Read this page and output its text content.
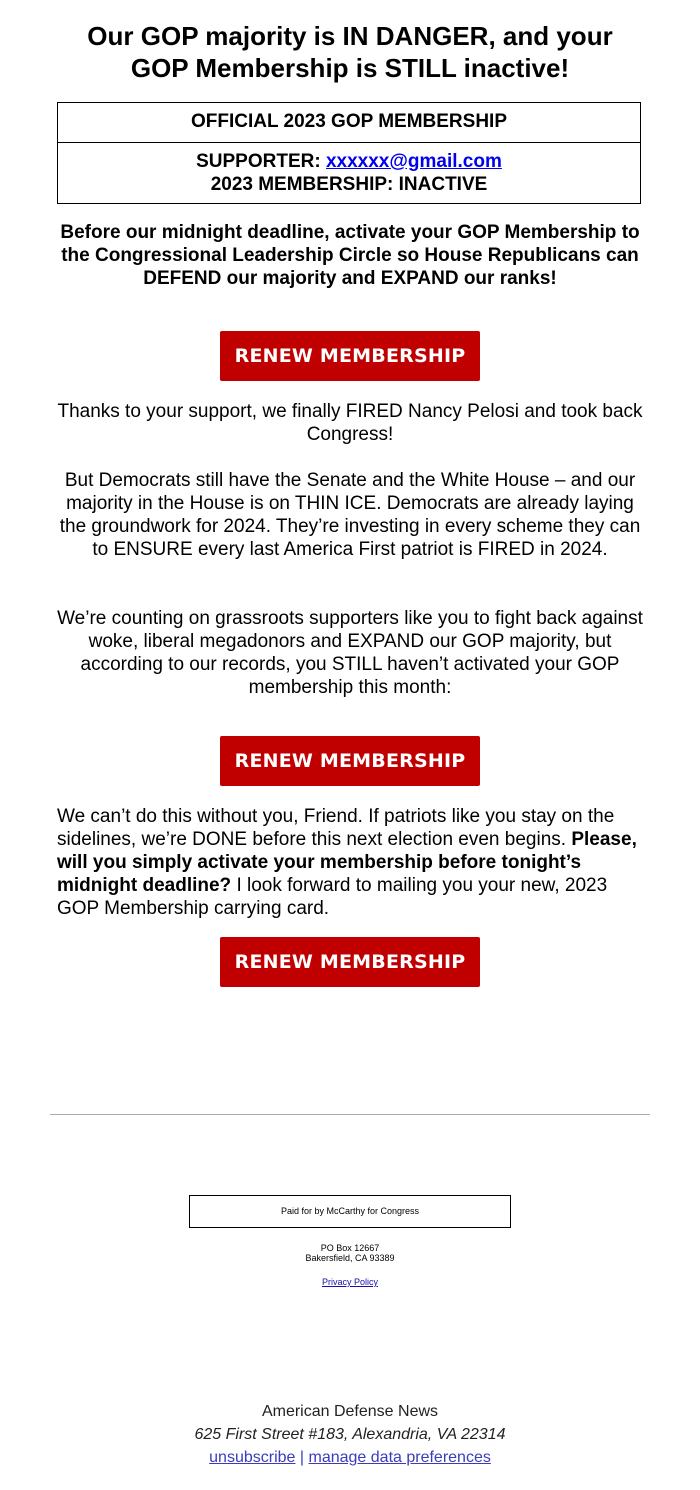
Our GOP majority is IN DANGER, and your
GOP Membership is STILL inactive!
OFFICIAL 2023 GOP MEMBERSHIP
SUPPORTER: xxxxxx@gmail.com
2023 MEMBERSHIP: INACTIVE
Before our midnight deadline, activate your GOP Membership to the Congressional Leadership Circle so House Republicans can DEFEND our majority and EXPAND our ranks!
RENEW MEMBERSHIP
Thanks to your support, we finally FIRED Nancy Pelosi and took back Congress!
But Democrats still have the Senate and the White House – and our majority in the House is on THIN ICE. Democrats are already laying the groundwork for 2024. They’re investing in every scheme they can to ENSURE every last America First patriot is FIRED in 2024.
We’re counting on grassroots supporters like you to fight back against woke, liberal megadonors and EXPAND our GOP majority, but according to our records, you STILL haven’t activated your GOP membership this month:
RENEW MEMBERSHIP
We can’t do this without you, Friend. If patriots like you stay on the sidelines, we’re DONE before this next election even begins. Please, will you simply activate your membership before tonight’s midnight deadline? I look forward to mailing you your new, 2023 GOP Membership carrying card.
RENEW MEMBERSHIP
Paid for by McCarthy for Congress
PO Box 12667
Bakersfield, CA 93389
Privacy Policy
American Defense News
625 First Street #183, Alexandria, VA 22314
unsubscribe | manage data preferences
